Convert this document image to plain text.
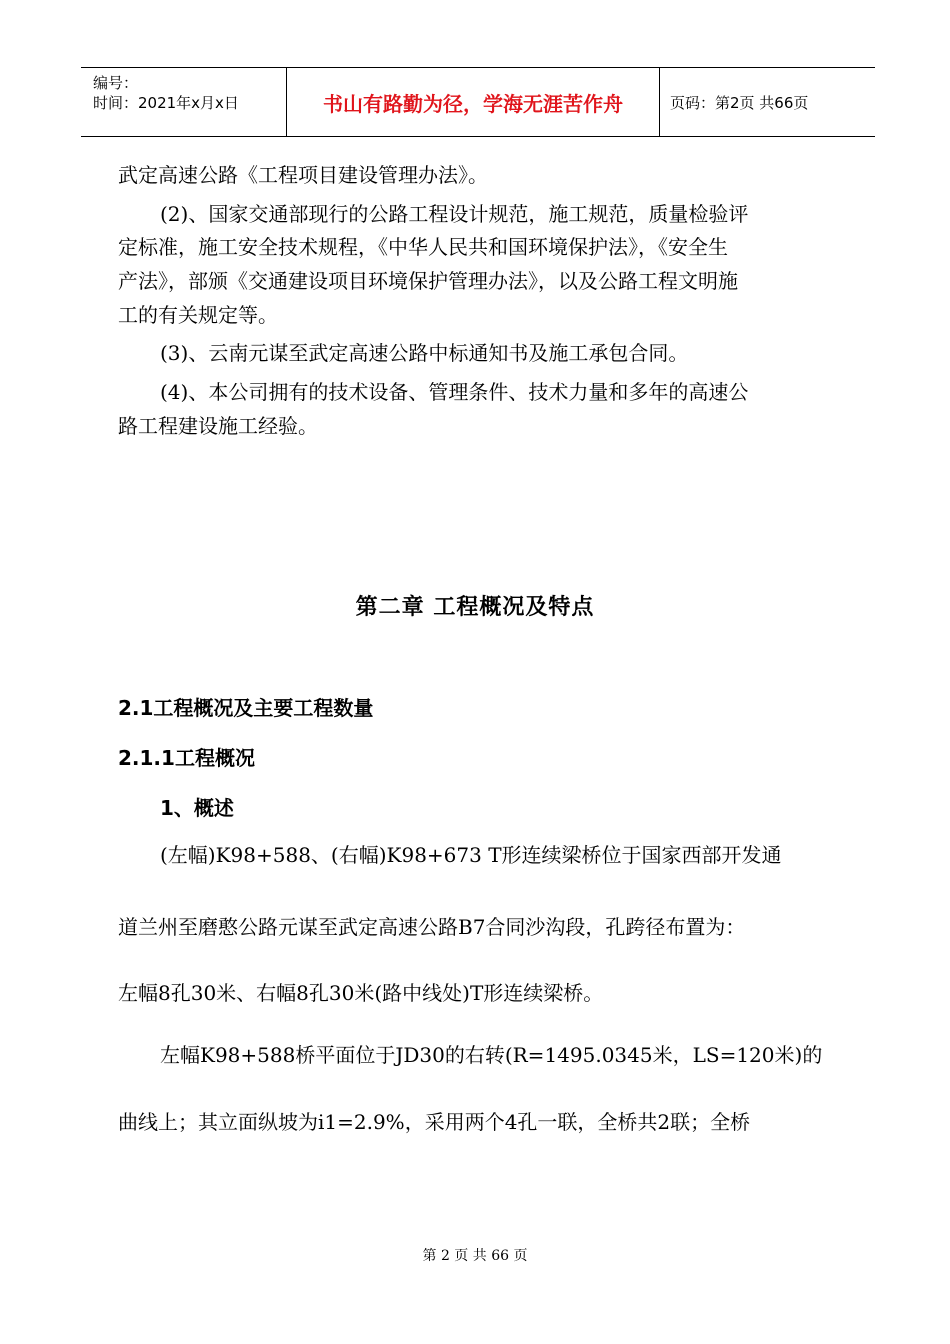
编号：
时间：2021年x月x日	书山有路勤为径，学海无涯苦作舟	页码：第2页 共66页
武定高速公路《工程项目建设管理办法》。
(2)、国家交通部现行的公路工程设计规范，施工规范，质量检验评
定标准，施工安全技术规程，《中华人民共和国环境保护法》，《安全生
产法》，部颁《交通建设项目环境保护管理办法》，以及公路工程文明施
工的有关规定等。
(3)、云南元谋至武定高速公路中标通知书及施工承包合同。
(4)、本公司拥有的技术设备、管理条件、技术力量和多年的高速公
路工程建设施工经验。
第二章 工程概况及特点
2.1工程概况及主要工程数量
2.1.1工程概况
1、概述
(左幅)K98+588、(右幅)K98+673 T形连续梁桥位于国家西部开发通
道兰州至磨憨公路元谋至武定高速公路B7合同沙沟段，孔跨径布置为：
左幅8孔30米、右幅8孔30米(路中线处)T形连续梁桥。
左幅K98+588桥平面位于JD30的右转(R=1495.0345米，LS=120米)的
曲线上；其立面纵坡为i1=2.9%，采用两个4孔一联，全桥共2联；全桥
第 2 页 共 66 页
